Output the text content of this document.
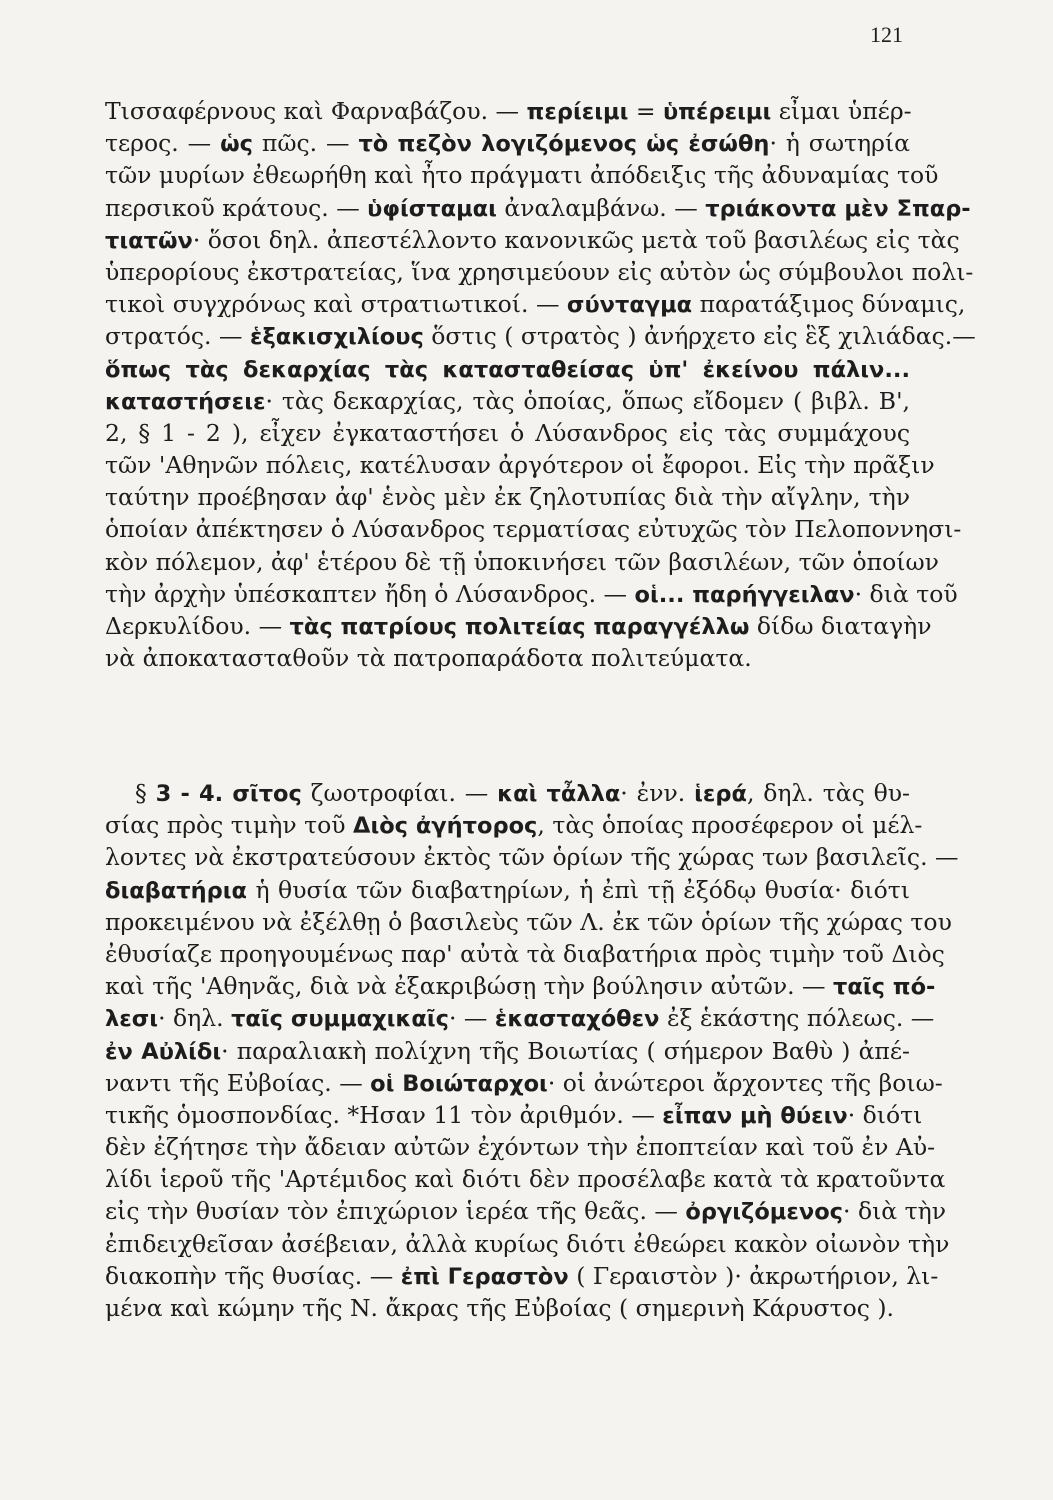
121
Τισσαφέρνους καὶ Φαρναβάζου. — περίειμι = ὑπέρειμι εἶμαι ὑπέρ-
τερος. — ὡς πῶς. — τὸ πεζὸν λογιζόμενος ὡς ἐσώθη· ἡ σωτηρία
τῶν μυρίων ἐθεωρήθη καὶ ἦτο πράγματι ἀπόδειξις τῆς ἀδυναμίας τοῦ
περσικοῦ κράτους. — ὑφίσταμαι ἀναλαμβάνω. — τριάκοντα μὲν Σπαρ-
τιατῶν· ὅσοι δηλ. ἀπεστέλλοντο κανονικῶς μετὰ τοῦ βασιλέως εἰς τὰς
ὑπερορίους ἐκστρατείας, ἵνα χρησιμεύουν εἰς αὐτὸν ὡς σύμβουλοι πολι-
τικοὶ συγχρόνως καὶ στρατιωτικοί. — σύνταγμα παρατάξιμος δύναμις,
στρατός. — ἑξακισχιλίους ὅστις ( στρατὸς ) ἀνήρχετο εἰς ἓξ χιλιάδας.—
ὅπως τὰς δεκαρχίας τὰς κατασταθείσας ὑπ' ἐκείνου πάλιν...
καταστήσειε· τὰς δεκαρχίας, τὰς ὁποίας, ὅπως εἴδομεν ( βιβλ. Β',
2, § 1 - 2 ), εἶχεν ἐγκαταστήσει ὁ Λύσανδρος εἰς τὰς συμμάχους
τῶν 'Αθηνῶν πόλεις, κατέλυσαν ἀργότερον οἱ ἔφοροι. Εἰς τὴν πρᾶξιν
ταύτην προέβησαν ἀφ' ἑνὸς μὲν ἐκ ζηλοτυπίας διὰ τὴν αἴγλην, τὴν
ὁποίαν ἀπέκτησεν ὁ Λύσανδρος τερματίσας εὐτυχῶς τὸν Πελοποννησι-
κὸν πόλεμον, ἀφ' ἑτέρου δὲ τῇ ὑποκινήσει τῶν βασιλέων, τῶν ὁποίων
τὴν ἀρχὴν ὑπέσκαπτεν ἤδη ὁ Λύσανδρος. — οἱ... παρήγγειλαν· διὰ τοῦ
Δερκυλίδου. — τὰς πατρίους πολιτείας παραγγέλλω δίδω διαταγὴν
νὰ ἀποκατασταθοῦν τὰ πατροπαράδοτα πολιτεύματα.
§ 3 - 4. σῖτος ζωοτροφίαι. — καὶ τἆλλα· ἐνν. ἱερά, δηλ. τὰς θυ-
σίας πρὸς τιμὴν τοῦ Διὸς ἀγήτορος, τὰς ὁποίας προσέφερον οἱ μέλ-
λοντες νὰ ἐκστρατεύσουν ἐκτὸς τῶν ὁρίων τῆς χώρας των βασιλεῖς. —
διαβατήρια ἡ θυσία τῶν διαβατηρίων, ἡ ἐπὶ τῇ ἐξόδῳ θυσία· διότι
προκειμένου νὰ ἐξέλθῃ ὁ βασιλεὺς τῶν Λ. ἐκ τῶν ὁρίων τῆς χώρας του
ἐθυσίαζε προηγουμένως παρ' αὐτὰ τὰ διαβατήρια πρὸς τιμὴν τοῦ Διὸς
καὶ τῆς 'Αθηνᾶς, διὰ νὰ ἐξακριβώσῃ τὴν βούλησιν αὐτῶν. — ταῖς πό-
λεσι· δηλ. ταῖς συμμαχικαῖς· — ἑκασταχόθεν ἐξ ἑκάστης πόλεως. —
ἐν Αὐλίδι· παραλιακὴ πολίχνη τῆς Βοιωτίας ( σήμερον Βαθὺ ) ἀπέ-
ναντι τῆς Εὐβοίας. — οἱ Βοιώταρχοι· οἱ ἀνώτεροι ἄρχοντες τῆς βοιω-
τικῆς ὁμοσπονδίας. *Ησαν 11 τὸν ἀριθμόν. — εἶπαν μὴ θύειν· διότι
δὲν ἐζήτησε τὴν ἄδειαν αὐτῶν ἐχόντων τὴν ἐποπτείαν καὶ τοῦ ἐν Αὐ-
λίδι ἱεροῦ τῆς 'Αρτέμιδος καὶ διότι δὲν προσέλαβε κατὰ τὰ κρατοῦντα
εἰς τὴν θυσίαν τὸν ἐπιχώριον ἱερέα τῆς θεᾶς. — ὀργιζόμενος· διὰ τὴν
ἐπιδειχθεῖσαν ἀσέβειαν, ἀλλὰ κυρίως διότι ἐθεώρει κακὸν οἰωνὸν τὴν
διακοπὴν τῆς θυσίας. — ἐπὶ Γεραστὸν ( Γεραιστὸν )· ἀκρωτήριον, λι-
μένα καὶ κώμην τῆς Ν. ἄκρας τῆς Εὐβοίας ( σημερινὴ Κάρυστος ).
